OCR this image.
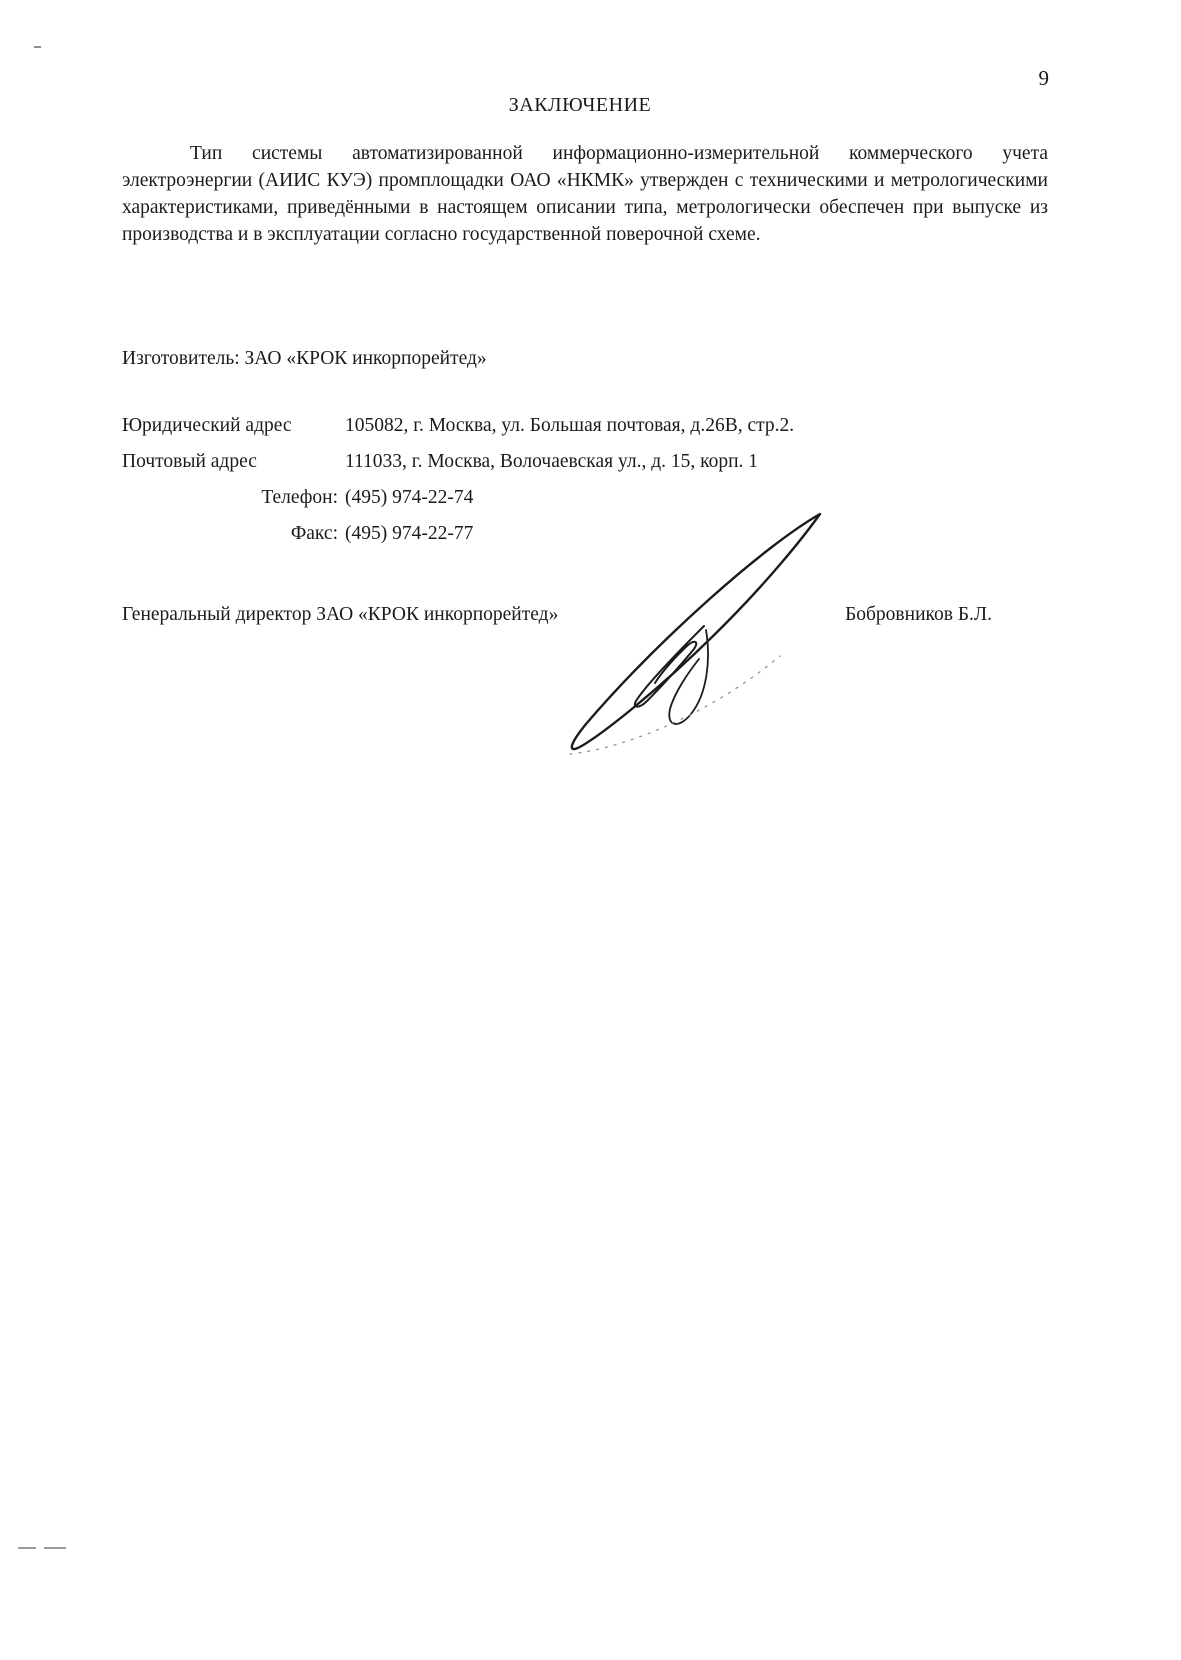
9
ЗАКЛЮЧЕНИЕ
Тип системы автоматизированной информационно-измерительной коммерческого учета электроэнергии (АИИС КУЭ) промплощадки ОАО «НКМК» утвержден с техническими и метрологическими характеристиками, приведёнными в настоящем описании типа, метрологически обеспечен при выпуске из производства и в эксплуатации согласно государственной поверочной схеме.
Изготовитель: ЗАО «КРОК инкорпорейтед»
Юридический адрес	105082, г. Москва, ул. Большая почтовая, д.26В, стр.2.
Почтовый адрес	111033, г. Москва, Волочаевская ул., д. 15, корп. 1
Телефон: (495) 974-22-74
Факс: (495) 974-22-77
Генеральный директор ЗАО «КРОК инкорпорейтед»	Бобровников Б.Л.
